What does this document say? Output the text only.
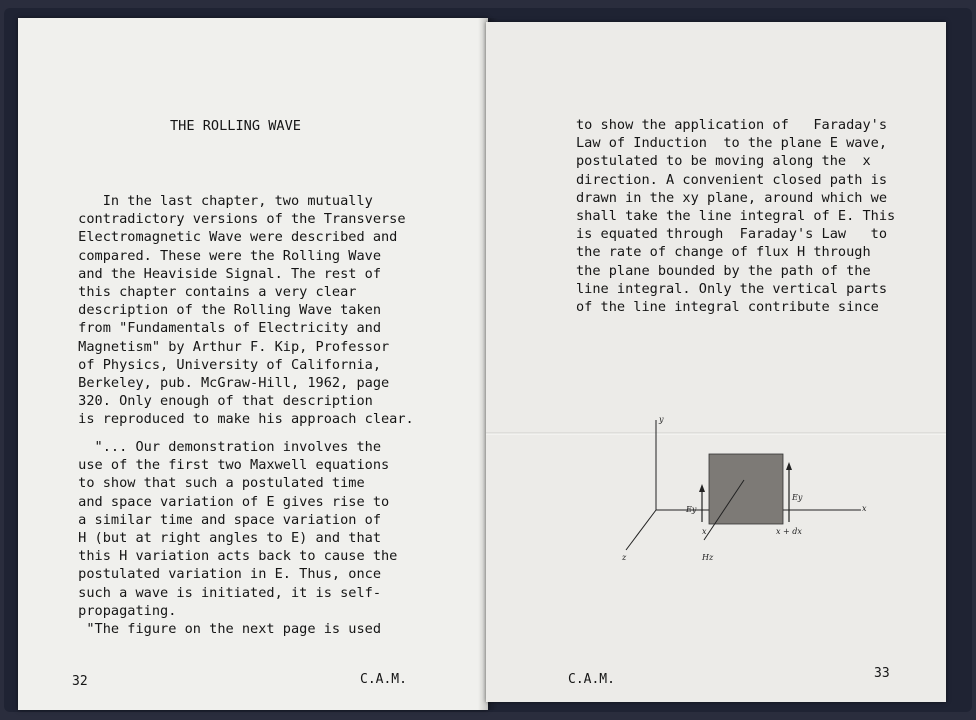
THE ROLLING WAVE
In the last chapter, two mutually
contradictory versions of the Transverse
Electromagnetic Wave were described and
compared. These were the Rolling Wave
and the Heaviside Signal. The rest of
this chapter contains a very clear
description of the Rolling Wave taken
from "Fundamentals of Electricity and
Magnetism" by Arthur F. Kip, Professor
of Physics, University of California,
Berkeley, pub. McGraw-Hill, 1962, page
320. Only enough of that description
is reproduced to make his approach clear.
"... Our demonstration involves the
use of the first two Maxwell equations
to show that such a postulated time
and space variation of E gives rise to
a similar time and space variation of
H (but at right angles to E) and that
this H variation acts back to cause the
postulated variation in E. Thus, once
such a wave is initiated, it is self-
propagating.
"The figure on the next page is used
32	C.A.M.
to show the application of   Faraday's
Law of Induction  to the plane E wave,
postulated to be moving along the  x
direction. A convenient closed path is
drawn in the xy plane, around which we
shall take the line integral of E. This
is equated through  Faraday's Law   to
the rate of change of flux H through
the plane bounded by the path of the
line integral. Only the vertical parts
of the line integral contribute since
y
x
z
Ey
Ey
x	x + dx
Hz
C.A.M.	33
